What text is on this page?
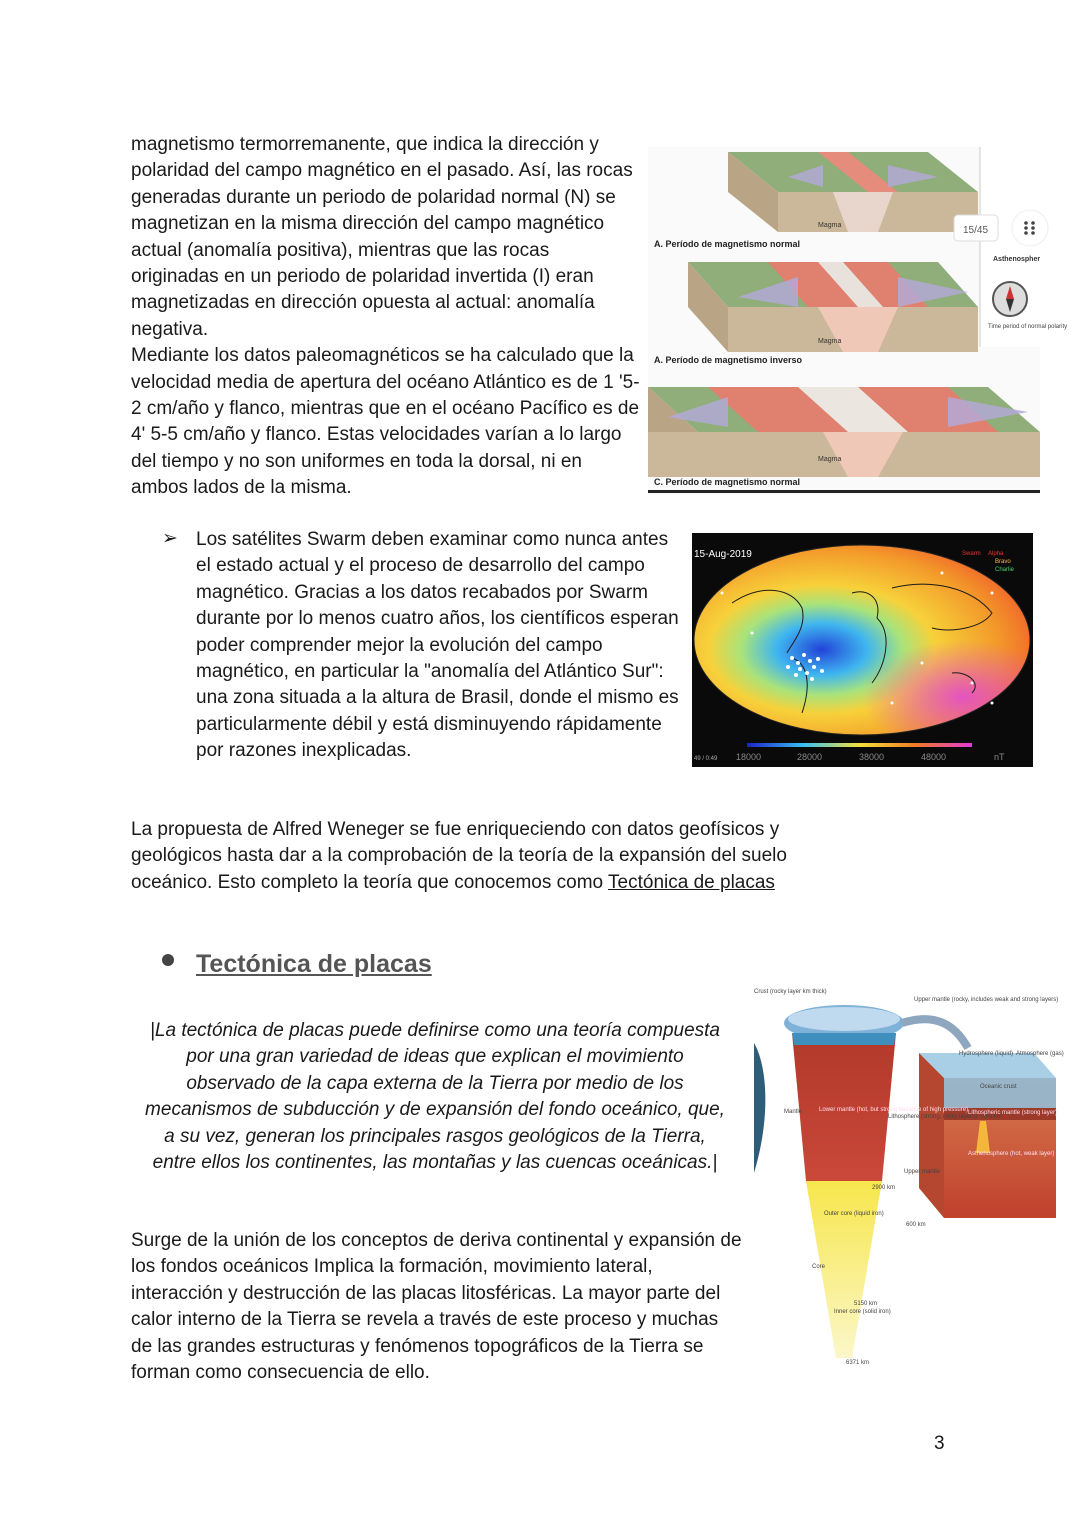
magnetismo termorremanente, que indica la dirección y polaridad del campo magnético en el pasado. Así, las rocas generadas durante un periodo de polaridad normal (N) se magnetizan en la misma dirección del campo magnético actual (anomalía positiva), mientras que las rocas originadas en un periodo de polaridad invertida (I) eran magnetizadas en dirección opuesta al actual: anomalía negativa.
Mediante los datos paleomagnéticos se ha calculado que la velocidad media de apertura del océano Atlántico es de 1 '5-2 cm/año y flanco, mientras que en el océano Pacífico es de 4' 5-5 cm/año y flanco. Estas velocidades varían a lo largo del tiempo y no son uniformes en toda la dorsal, ni en ambos lados de la misma.
Magma
A. Período de magnetismo normal
Magma
A. Período de magnetismo inverso
Magma
C. Período de magnetismo normal
15/45
Asthenospher
Time period of normal polarity
➢ Los satélites Swarm deben examinar como nunca antes el estado actual y el proceso de desarrollo del campo magnético. Gracias a los datos recabados por Swarm durante por lo menos cuatro años, los científicos esperan poder comprender mejor la evolución del campo magnético, en particular la "anomalía del Atlántico Sur": una zona situada a la altura de Brasil, donde el mismo es particularmente débil y está disminuyendo rápidamente por razones inexplicadas.

15-Aug-2019	Swarm Alpha
Bravo
Charlie
49 / 0:49 18000	28000	38000	48000	nT

La propuesta de Alfred Weneger se fue enriqueciendo con datos geofísicos y geológicos hasta dar a la comprobación de la teoría de la expansión del suelo oceánico. Esto completo la teoría que conocemos como Tectónica de placas

Tectónica de placas

|La tectónica de placas puede definirse como una teoría compuesta por una gran variedad de ideas que explican el movimiento observado de la capa externa de la Tierra por medio de los mecanismos de subducción y de expansión del fondo oceánico, que, a su vez, generan los principales rasgos geológicos de la Tierra, entre ellos los continentes, las montañas y las cuencas oceánicas.|

Surge de la unión de los conceptos de deriva continental y expansión de los fondos oceánicos Implica la formación, movimiento lateral, interacción y destrucción de las placas litosféricas. La mayor parte del calor interno de la Tierra se revela a través de este proceso y muchas de las grandes estructuras y fenómenos topográficos de la Tierra se forman como consecuencia de ello.

Crust (rocky layer km thick)
Upper mantle (rocky, includes weak and strong layers)
Hydrosphere (liquid) Atmosphere (gas)
Oceanic crust
Mantle	Lower mantle (hot, but strong because of high pressure)
Lithosphere (strong, rocky layers) ~100 km
Lithospheric mantle (strong layer)
Asthenosphere (hot, weak layer)
Upper mantle
2900 km
Outer core (liquid iron)
600 km
Core
5150 km
Inner core (solid iron)
6371 km
3
